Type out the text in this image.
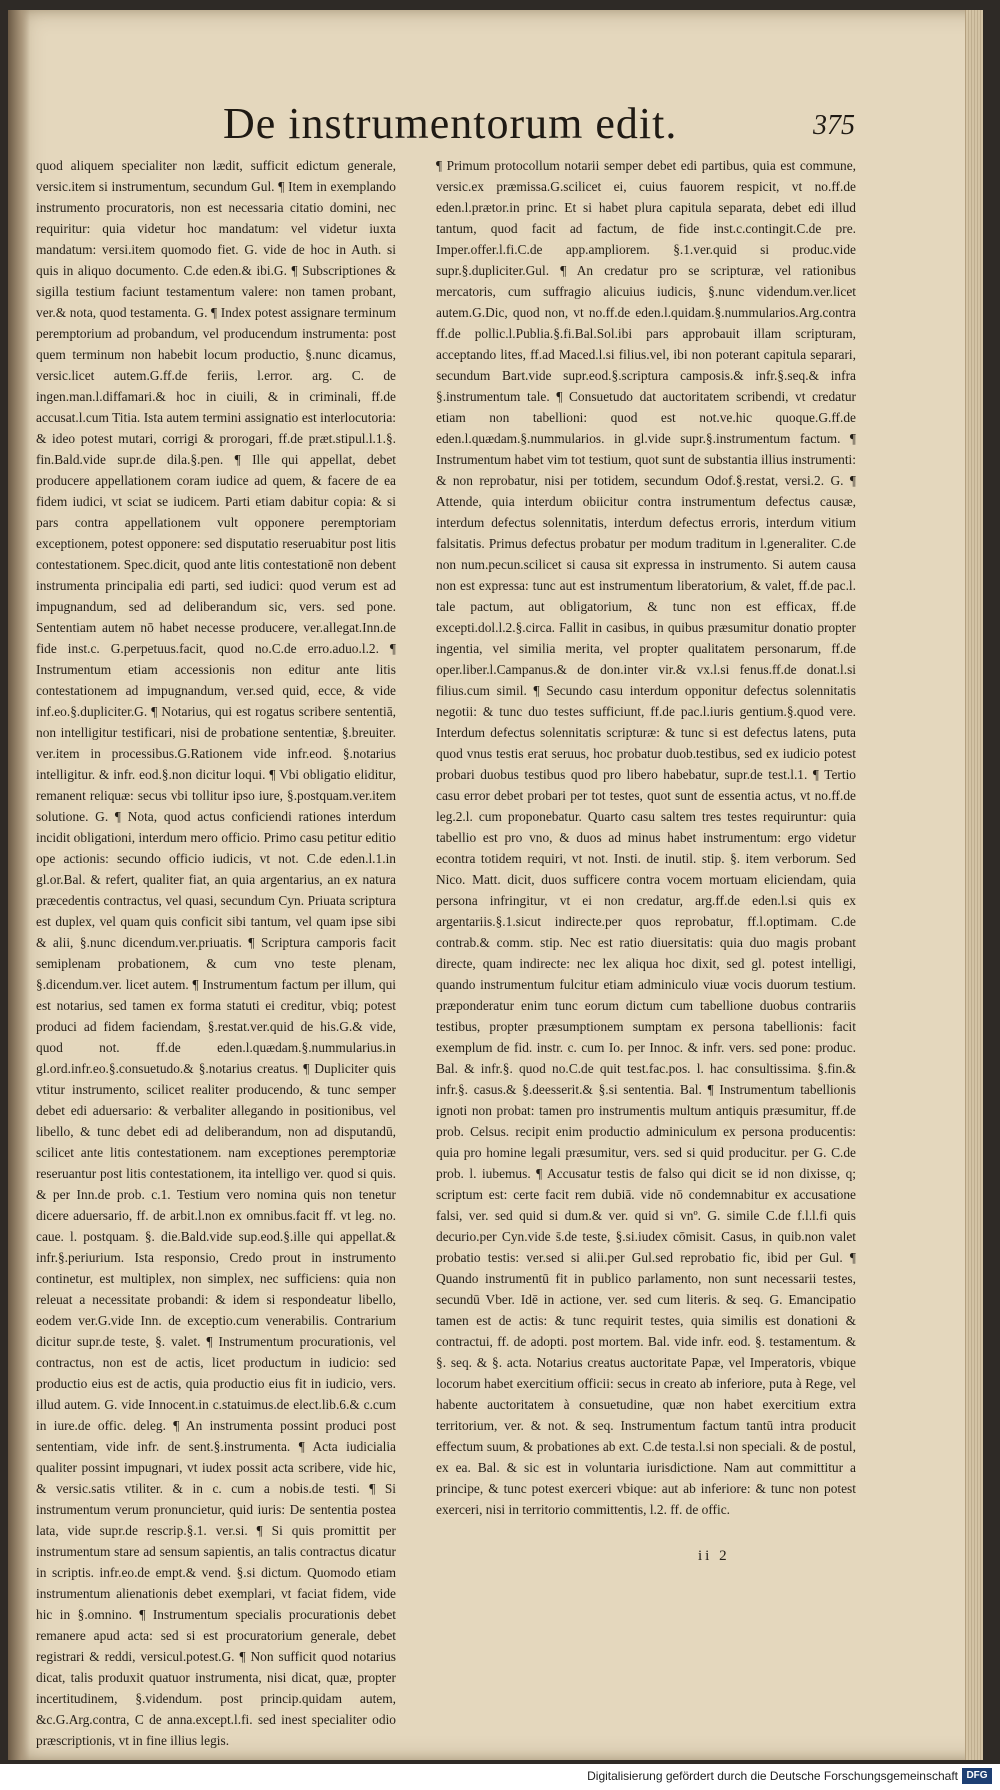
De instrumentorum edit.	375

quod aliquem specialiter non lædit, sufficit edictum generale, versic.item si instrumentum, secundum Gul. ¶ Item in exemplando instrumento procuratoris, non est necessaria citatio domini, nec requiritur: quia videtur hoc mandatum: vel videtur iuxta mandatum: versi.item quomodo fiet. G. vide de hoc in Auth. si quis in aliquo documento. C.de eden.& ibi.G. ¶ Subscriptiones & sigilla testium faciunt testamentum valere: non tamen probant, ver.& nota, quod testamenta. G. ¶ Index potest assignare terminum peremptorium ad probandum, vel producendum instrumenta: post quem terminum non habebit locum productio, §.nunc dicamus, versic.licet autem.G.ff.de feriis, l.error. arg. C. de ingen.man.l.diffamari.& hoc in ciuili, & in criminali, ff.de accusat.l.cum Titia. Ista autem termini assignatio est interlocutoria: & ideo potest mutari, corrigi & prorogari, ff.de præt.stipul.l.1.§. fin.Bald.vide supr.de dila.§.pen. ¶ Ille qui appellat, debet producere appellationem coram iudice ad quem, & facere de ea fidem iudici, vt sciat se iudicem. Parti etiam dabitur copia: & si pars contra appellationem vult opponere peremptoriam exceptionem, potest opponere: sed disputatio reseruabitur post litis contestationem. Spec.dicit, quod ante litis contestationē non debent instrumenta principalia edi parti, sed iudici: quod verum est ad impugnandum, sed ad deliberandum sic, vers. sed pone. Sententiam autem nō habet necesse producere, ver.allegat.Inn.de fide inst.c. G.perpetuus.facit, quod no.C.de erro.aduo.l.2. ¶ Instrumentum etiam accessionis non editur ante litis contestationem ad impugnandum, ver.sed quid, ecce, & vide inf.eo.§.dupliciter.G. ¶ Notarius, qui est rogatus scribere sententiā, non intelligitur testificari, nisi de probatione sententiæ, §.breuiter. ver.item in processibus.G.Rationem vide infr.eod. §.notarius intelligitur. & infr. eod.§.non dicitur loqui. ¶ Vbi obligatio eliditur, remanent reliquæ: secus vbi tollitur ipso iure, §.postquam.ver.item solutione. G. ¶ Nota, quod actus conficiendi rationes interdum incidit obligationi, interdum mero officio. Primo casu petitur editio ope actionis: secundo officio iudicis, vt not. C.de eden.l.1.in gl.or.Bal. & refert, qualiter fiat, an quia argentarius, an ex natura præcedentis contractus, vel quasi, secundum Cyn. Priuata scriptura est duplex, vel quam quis conficit sibi tantum, vel quam ipse sibi & alii, §.nunc dicendum.ver.priuatis. ¶ Scriptura camporis facit semiplenam probationem, & cum vno teste plenam, §.dicendum.ver. licet autem. ¶ Instrumentum factum per illum, qui est notarius, sed tamen ex forma statuti ei creditur, vbiq; potest produci ad fidem faciendam, §.restat.ver.quid de his.G.& vide, quod not. ff.de eden.l.quædam.§.nummularius.in gl.ord.infr.eo.§.consuetudo.& §.notarius creatus. ¶ Dupliciter quis vtitur instrumento, scilicet realiter producendo, & tunc semper debet edi aduersario: & verbaliter allegando in positionibus, vel libello, & tunc debet edi ad deliberandum, non ad disputandū, scilicet ante litis contestationem. nam exceptiones peremptoriæ reseruantur post litis contestationem, ita intelligo ver. quod si quis. & per Inn.de prob. c.1. Testium vero nomina quis non tenetur dicere aduersario, ff. de arbit.l.non ex omnibus.facit ff. vt leg. no. caue. l. postquam. §. die.Bald.vide sup.eod.§.ille qui appellat.& infr.§.periurium. Ista responsio, Credo prout in instrumento continetur, est multiplex, non simplex, nec sufficiens: quia non releuat a necessitate probandi: & idem si respondeatur libello, eodem ver.G.vide Inn. de exceptio.cum venerabilis. Contrarium dicitur supr.de teste, §. valet. ¶ Instrumentum procurationis, vel contractus, non est de actis, licet productum in iudicio: sed productio eius est de actis, quia productio eius fit in iudicio, vers. illud autem. G. vide Innocent.in c.statuimus.de elect.lib.6.& c.cum in iure.de offic. deleg. ¶ An instrumenta possint produci post sententiam, vide infr. de sent.§.instrumenta. ¶ Acta iudicialia qualiter possint impugnari, vt iudex possit acta scribere, vide hic, & versic.satis vtiliter. & in c. cum a nobis.de testi. ¶ Si instrumentum verum pronuncietur, quid iuris: De sententia postea lata, vide supr.de rescrip.§.1. ver.si. ¶ Si quis promittit per instrumentum stare ad sensum sapientis, an talis contractus dicatur in scriptis. infr.eo.de empt.& vend. §.si dictum. Quomodo etiam instrumentum alienationis debet exemplari, vt faciat fidem, vide hic in §.omnino. ¶ Instrumentum specialis procurationis debet remanere apud acta: sed si est procuratorium generale, debet registrari & reddi, versicul.potest.G. ¶ Non sufficit quod notarius dicat, talis produxit quatuor instrumenta, nisi dicat, quæ, propter incertitudinem, §.videndum. post princip.quidam autem, &c.G.Arg.contra, C de anna.except.l.fi. sed inest specialiter odio præscriptionis, vt in fine illius legis.

¶ Primum protocollum notarii semper debet edi partibus, quia est commune, versic.ex præmissa.G.scilicet ei, cuius fauorem respicit, vt no.ff.de eden.l.prætor.in princ. Et si habet plura capitula separata, debet edi illud tantum, quod facit ad factum, de fide inst.c.contingit.C.de pre. Imper.offer.l.fi.C.de app.ampliorem. §.1.ver.quid si produc.vide supr.§.dupliciter.Gul. ¶ An credatur pro se scripturæ, vel rationibus mercatoris, cum suffragio alicuius iudicis, §.nunc videndum.ver.licet autem.G.Dic, quod non, vt no.ff.de eden.l.quidam.§.nummularios.Arg.contra ff.de pollic.l.Publia.§.fi.Bal.Sol.ibi pars approbauit illam scripturam, acceptando lites, ff.ad Maced.l.si filius.vel, ibi non poterant capitula separari, secundum Bart.vide supr.eod.§.scriptura camposis.& infr.§.seq.& infra §.instrumentum tale. ¶ Consuetudo dat auctoritatem scribendi, vt credatur etiam non tabellioni: quod est not.ve.hic quoque.G.ff.de eden.l.quædam.§.nummularios. in gl.vide supr.§.instrumentum factum. ¶ Instrumentum habet vim tot testium, quot sunt de substantia illius instrumenti: & non reprobatur, nisi per totidem, secundum Odof.§.restat, versi.2. G. ¶ Attende, quia interdum obiicitur contra instrumentum defectus causæ, interdum defectus solennitatis, interdum defectus erroris, interdum vitium falsitatis. Primus defectus probatur per modum traditum in l.generaliter. C.de non num.pecun.scilicet si causa sit expressa in instrumento. Si autem causa non est expressa: tunc aut est instrumentum liberatorium, & valet, ff.de pac.l. tale pactum, aut obligatorium, & tunc non est efficax, ff.de excepti.dol.l.2.§.circa. Fallit in casibus, in quibus præsumitur donatio propter ingentia, vel similia merita, vel propter qualitatem personarum, ff.de oper.liber.l.Campanus.& de don.inter vir.& vx.l.si fenus.ff.de donat.l.si filius.cum simil. ¶ Secundo casu interdum opponitur defectus solennitatis negotii: & tunc duo testes sufficiunt, ff.de pac.l.iuris gentium.§.quod vere. Interdum defectus solennitatis scripturæ: & tunc si est defectus latens, puta quod vnus testis erat seruus, hoc probatur duob.testibus, sed ex iudicio potest probari duobus testibus quod pro libero habebatur, supr.de test.l.1. ¶ Tertio casu error debet probari per tot testes, quot sunt de essentia actus, vt no.ff.de leg.2.l. cum proponebatur. Quarto casu saltem tres testes requiruntur: quia tabellio est pro vno, & duos ad minus habet instrumentum: ergo videtur econtra totidem requiri, vt not. Insti. de inutil. stip. §. item verborum. Sed Nico. Matt. dicit, duos sufficere contra vocem mortuam eliciendam, quia persona infringitur, vt ei non credatur, arg.ff.de eden.l.si quis ex argentariis.§.1.sicut indirecte.per quos reprobatur, ff.l.optimam. C.de contrab.& comm. stip. Nec est ratio diuersitatis: quia duo magis probant directe, quam indirecte: nec lex aliqua hoc dixit, sed gl. potest intelligi, quando instrumentum fulcitur etiam adminiculo viuæ vocis duorum testium. præponderatur enim tunc eorum dictum cum tabellione duobus contrariis testibus, propter præsumptionem sumptam ex persona tabellionis: facit exemplum de fid. instr. c. cum Io. per Innoc. & infr. vers. sed pone: produc. Bal. & infr.§. quod no.C.de quit test.fac.pos. l. hac consultissima. §.fin.& infr.§. casus.& §.deesserit.& §.si sententia. Bal. ¶ Instrumentum tabellionis ignoti non probat: tamen pro instrumentis multum antiquis præsumitur, ff.de prob. Celsus. recipit enim productio adminiculum ex persona producentis: quia pro homine legali præsumitur, vers. sed si quid producitur. per G. C.de prob. l. iubemus. ¶ Accusatur testis de falso qui dicit se id non dixisse, q; scriptum est: certe facit rem dubiā. vide nō condemnabitur ex accusatione falsi, ver. sed quid si dum.& ver. quid si vnº. G. simile C.de f.l.l.fi quis decurio.per Cyn.vide s̄.de teste, §.si.iudex cōmisit. Casus, in quib.non valet probatio testis: ver.sed si alii.per Gul.sed reprobatio fic, ibid per Gul. ¶ Quando instrumentū fit in publico parlamento, non sunt necessarii testes, secundū Vber. Idē in actione, ver. sed cum literis. & seq. G. Emancipatio tamen est de actis: & tunc requirit testes, quia similis est donationi & contractui, ff. de adopti. post mortem. Bal. vide infr. eod. §. testamentum. & §. seq. & §. acta. Notarius creatus auctoritate Papæ, vel Imperatoris, vbique locorum habet exercitium officii: secus in creato ab inferiore, puta à Rege, vel habente auctoritatem à consuetudine, quæ non habet exercitium extra territorium, ver. & not. & seq. Instrumentum factum tantū intra producit effectum suum, & probationes ab ext. C.de testa.l.si non speciali. & de postul, ex ea. Bal. & sic est in voluntaria iurisdictione. Nam aut committitur a principe, & tunc potest exerceri vbique: aut ab inferiore: & tunc non potest exerceri, nisi in territorio committentis, l.2. ff. de offic.

ii 2
Digitalisierung gefördert durch die Deutsche Forschungsgemeinschaft DFG
